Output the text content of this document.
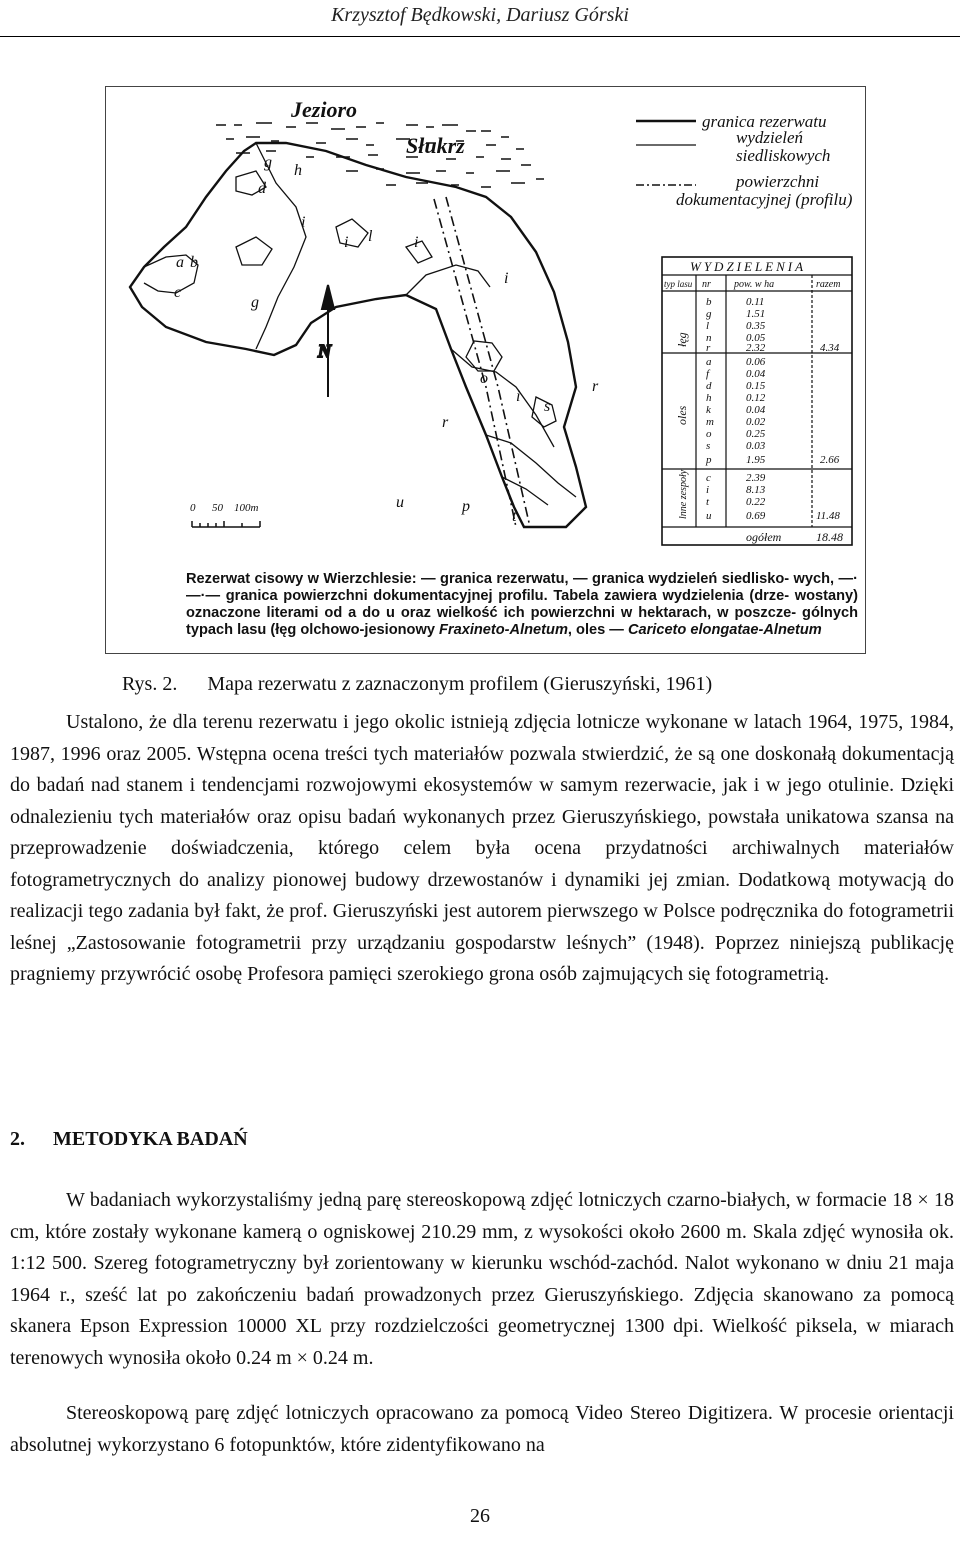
Krzysztof Będkowski, Dariusz Górski
Jezioro
Słukrz
N
g h
d
c
g
i
i	i
i
a b
l
o
i
r
r
s
u	p
t
0 50 100m
granica rezerwatu
wydzieleń
siedliskowych
powierzchni
dokumentacyjnej (profilu)
WYDZIELENIA
typ lasu nr pow. w ha	razem
łęg
oles
lnne zespoły
b	0.11
g	1.51
l	0.35
n	0.05
r	2.32	4.34
a	0.06
f	0.04
d	0.15
h	0.12
k	0.04
m	0.02
o	0.25
s	0.03
p	1.95	2.66
c	2.39
i	8.13
t	0.22
u	0.69	11.48
ogółem	18.48
Rezerwat cisowy w Wierzchlesie: — granica rezerwatu, — granica wydzieleń siedlisko- wych, —·—·— granica powierzchni dokumentacyjnej profilu. Tabela zawiera wydzielenia (drze- wostany) oznaczone literami od a do u oraz wielkość ich powierzchni w hektarach, w poszcze- gólnych typach lasu (łęg olchowo-jesionowy Fraxineto-Alnetum, oles — Cariceto elongatae-Alnetum
Rys. 2. Mapa rezerwatu z zaznaczonym profilem (Gieruszyński, 1961)

Ustalono, że dla terenu rezerwatu i jego okolic istnieją zdjęcia lotnicze wykonane w latach 1964, 1975, 1984, 1987, 1996 oraz 2005. Wstępna ocena treści tych materiałów pozwala stwierdzić, że są one doskonałą dokumentacją do badań nad stanem i tendencjami rozwojowymi ekosystemów w samym rezerwacie, jak i w jego otulinie. Dzięki odnalezieniu tych materiałów oraz opisu badań wykonanych przez Gieruszyńskiego, powstała unikatowa szansa na przeprowadzenie doświadczenia, którego celem była ocena przydatności archiwalnych materiałów fotogrametrycznych do analizy pionowej budowy drzewostanów i dynamiki jej zmian. Dodatkową motywacją do realizacji tego zadania był fakt, że prof. Gieruszyński jest autorem pierwszego w Polsce podręcznika do fotogrametrii leśnej „Zastosowanie fotogrametrii przy urządzaniu gospodarstw leśnych” (1948). Poprzez niniejszą publikację pragniemy przywrócić osobę Profesora pamięci szerokiego grona osób zajmujących się fotogrametrią.

2. METODYKA BADAŃ

W badaniach wykorzystaliśmy jedną parę stereoskopową zdjęć lotniczych czarno-białych, w formacie 18 × 18 cm, które zostały wykonane kamerą o ogniskowej 210.29 mm, z wysokości około 2600 m. Skala zdjęć wynosiła ok. 1:12 500. Szereg fotogrametryczny był zorientowany w kierunku wschód-zachód. Nalot wykonano w dniu 21 maja 1964 r., sześć lat po zakończeniu badań prowadzonych przez Gieruszyńskiego. Zdjęcia skanowano za pomocą skanera Epson Expression 10000 XL przy rozdzielczości geometrycznej 1300 dpi. Wielkość piksela, w miarach terenowych wynosiła około 0.24 m × 0.24 m.

Stereoskopową parę zdjęć lotniczych opracowano za pomocą Video Stereo Digitizera. W procesie orientacji absolutnej wykorzystano 6 fotopunktów, które zidentyfikowano na

26
